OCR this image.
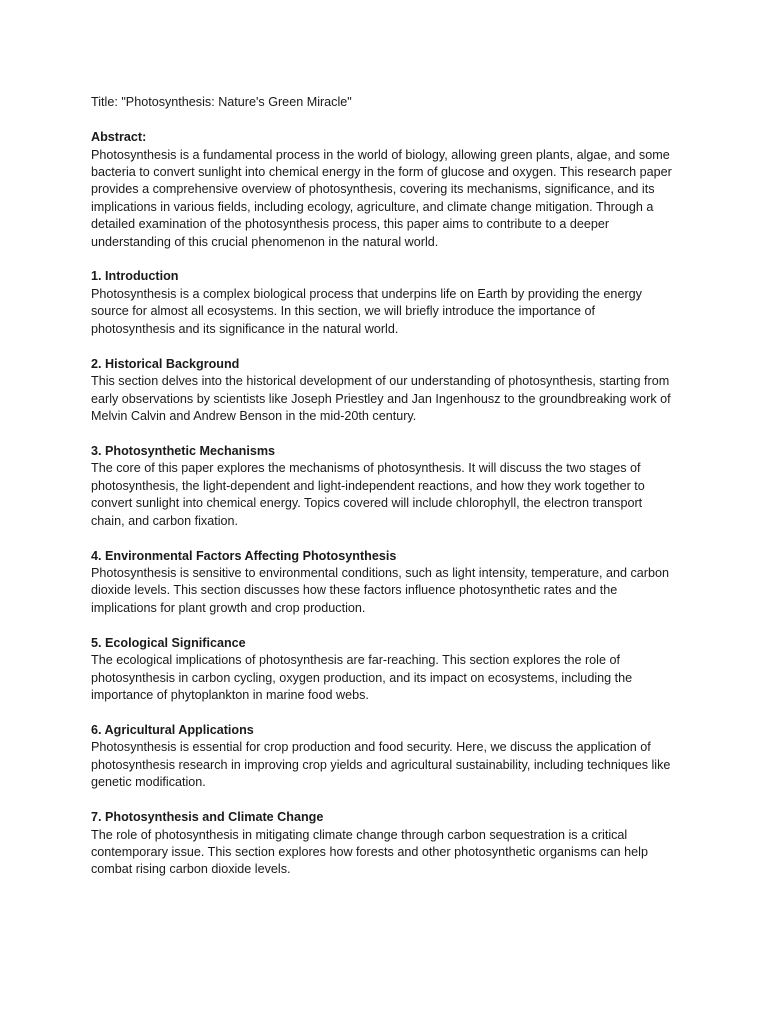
Title: "Photosynthesis: Nature's Green Miracle"

Abstract:

Photosynthesis is a fundamental process in the world of biology, allowing green plants, algae, and some
bacteria to convert sunlight into chemical energy in the form of glucose and oxygen. This research paper
provides a comprehensive overview of photosynthesis, covering its mechanisms, significance, and its
implications in various fields, including ecology, agriculture, and climate change mitigation. Through a
detailed examination of the photosynthesis process, this paper aims to contribute to a deeper
understanding of this crucial phenomenon in the natural world.

1. Introduction

Photosynthesis is a complex biological process that underpins life on Earth by providing the energy
source for almost all ecosystems. In this section, we will briefly introduce the importance of
photosynthesis and its significance in the natural world.

2. Historical Background

This section delves into the historical development of our understanding of photosynthesis, starting from
early observations by scientists like Joseph Priestley and Jan Ingenhousz to the groundbreaking work of
Melvin Calvin and Andrew Benson in the mid-20th century.

3. Photosynthetic Mechanisms

The core of this paper explores the mechanisms of photosynthesis. It will discuss the two stages of
photosynthesis, the light-dependent and light-independent reactions, and how they work together to
convert sunlight into chemical energy. Topics covered will include chlorophyll, the electron transport
chain, and carbon fixation.

4. Environmental Factors Affecting Photosynthesis

Photosynthesis is sensitive to environmental conditions, such as light intensity, temperature, and carbon
dioxide levels. This section discusses how these factors influence photosynthetic rates and the
implications for plant growth and crop production.

5. Ecological Significance

The ecological implications of photosynthesis are far-reaching. This section explores the role of
photosynthesis in carbon cycling, oxygen production, and its impact on ecosystems, including the
importance of phytoplankton in marine food webs.

6. Agricultural Applications

Photosynthesis is essential for crop production and food security. Here, we discuss the application of
photosynthesis research in improving crop yields and agricultural sustainability, including techniques like
genetic modification.

7. Photosynthesis and Climate Change

The role of photosynthesis in mitigating climate change through carbon sequestration is a critical
contemporary issue. This section explores how forests and other photosynthetic organisms can help
combat rising carbon dioxide levels.
